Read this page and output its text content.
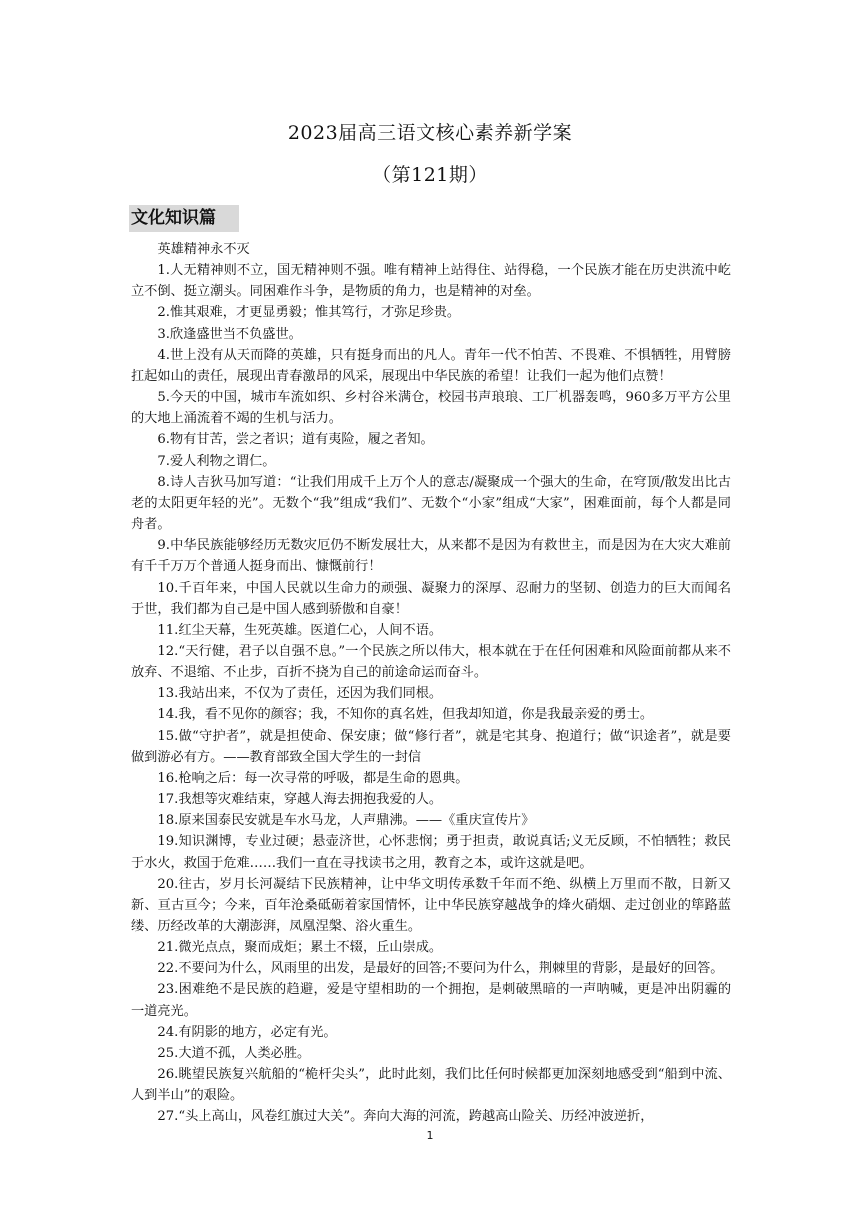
2023届高三语文核心素养新学案
（第121期）
文化知识篇

英雄精神永不灭

1.人无精神则不立，国无精神则不强。唯有精神上站得住、站得稳，一个民族才能在历史洪流中屹立不倒、挺立潮头。同困难作斗争，是物质的角力，也是精神的对垒。

2.惟其艰难，才更显勇毅；惟其笃行，才弥足珍贵。

3.欣逢盛世当不负盛世。

4.世上没有从天而降的英雄，只有挺身而出的凡人。青年一代不怕苦、不畏难、不惧牺牲，用臂膀扛起如山的责任，展现出青春激昂的风采，展现出中华民族的希望！让我们一起为他们点赞！

5.今天的中国，城市车流如织、乡村谷米满仓，校园书声琅琅、工厂机器轰鸣，960多万平方公里的大地上涌流着不竭的生机与活力。

6.物有甘苦，尝之者识；道有夷险，履之者知。

7.爱人利物之谓仁。

8.诗人吉狄马加写道：“让我们用成千上万个人的意志/凝聚成一个强大的生命，在穹顶/散发出比古老的太阳更年轻的光”。无数个“我”组成“我们”、无数个“小家”组成“大家”，困难面前，每个人都是同舟者。

9.中华民族能够经历无数灾厄仍不断发展壮大，从来都不是因为有救世主，而是因为在大灾大难前有千千万万个普通人挺身而出、慷慨前行！

10.千百年来，中国人民就以生命力的顽强、凝聚力的深厚、忍耐力的坚韧、创造力的巨大而闻名于世，我们都为自己是中国人感到骄傲和自豪！

11.红尘天幕，生死英雄。医道仁心，人间不语。

12.“天行健，君子以自强不息。”一个民族之所以伟大，根本就在于在任何困难和风险面前都从来不放弃、不退缩、不止步，百折不挠为自己的前途命运而奋斗。

13.我站出来，不仅为了责任，还因为我们同根。

14.我，看不见你的颜容；我，不知你的真名姓，但我却知道，你是我最亲爱的勇士。

15.做“守护者”，就是担使命、保安康；做“修行者”，就是宅其身、抱道行；做“识途者”，就是要做到游必有方。——教育部致全国大学生的一封信

16.枪响之后：每一次寻常的呼吸，都是生命的恩典。

17.我想等灾难结束，穿越人海去拥抱我爱的人。

18.原来国泰民安就是车水马龙，人声鼎沸。——《重庆宣传片》

19.知识渊博，专业过硬；悬壶济世，心怀悲悯；勇于担责，敢说真话;义无反顾，不怕牺牲；救民于水火，救国于危难……我们一直在寻找读书之用，教育之本，或许这就是吧。

20.往古，岁月长河凝结下民族精神，让中华文明传承数千年而不绝、纵横上万里而不散，日新又新、亘古亘今；今来，百年沧桑砥砺着家国情怀，让中华民族穿越战争的烽火硝烟、走过创业的筚路蓝缕、历经改革的大潮澎湃，凤凰涅槃、浴火重生。

21.微光点点，聚而成炬；累土不辍，丘山崇成。

22.不要问为什么，风雨里的出发，是最好的回答;不要问为什么，荆棘里的背影，是最好的回答。

23.困难绝不是民族的趋避，爱是守望相助的一个拥抱，是刺破黑暗的一声呐喊，更是冲出阴霾的一道亮光。

24.有阴影的地方，必定有光。

25.大道不孤，人类必胜。

26.眺望民族复兴航船的“桅杆尖头”，此时此刻，我们比任何时候都更加深刻地感受到“船到中流、人到半山”的艰险。

27.“头上高山，风卷红旗过大关”。奔向大海的河流，跨越高山险关、历经冲波逆折，

1
